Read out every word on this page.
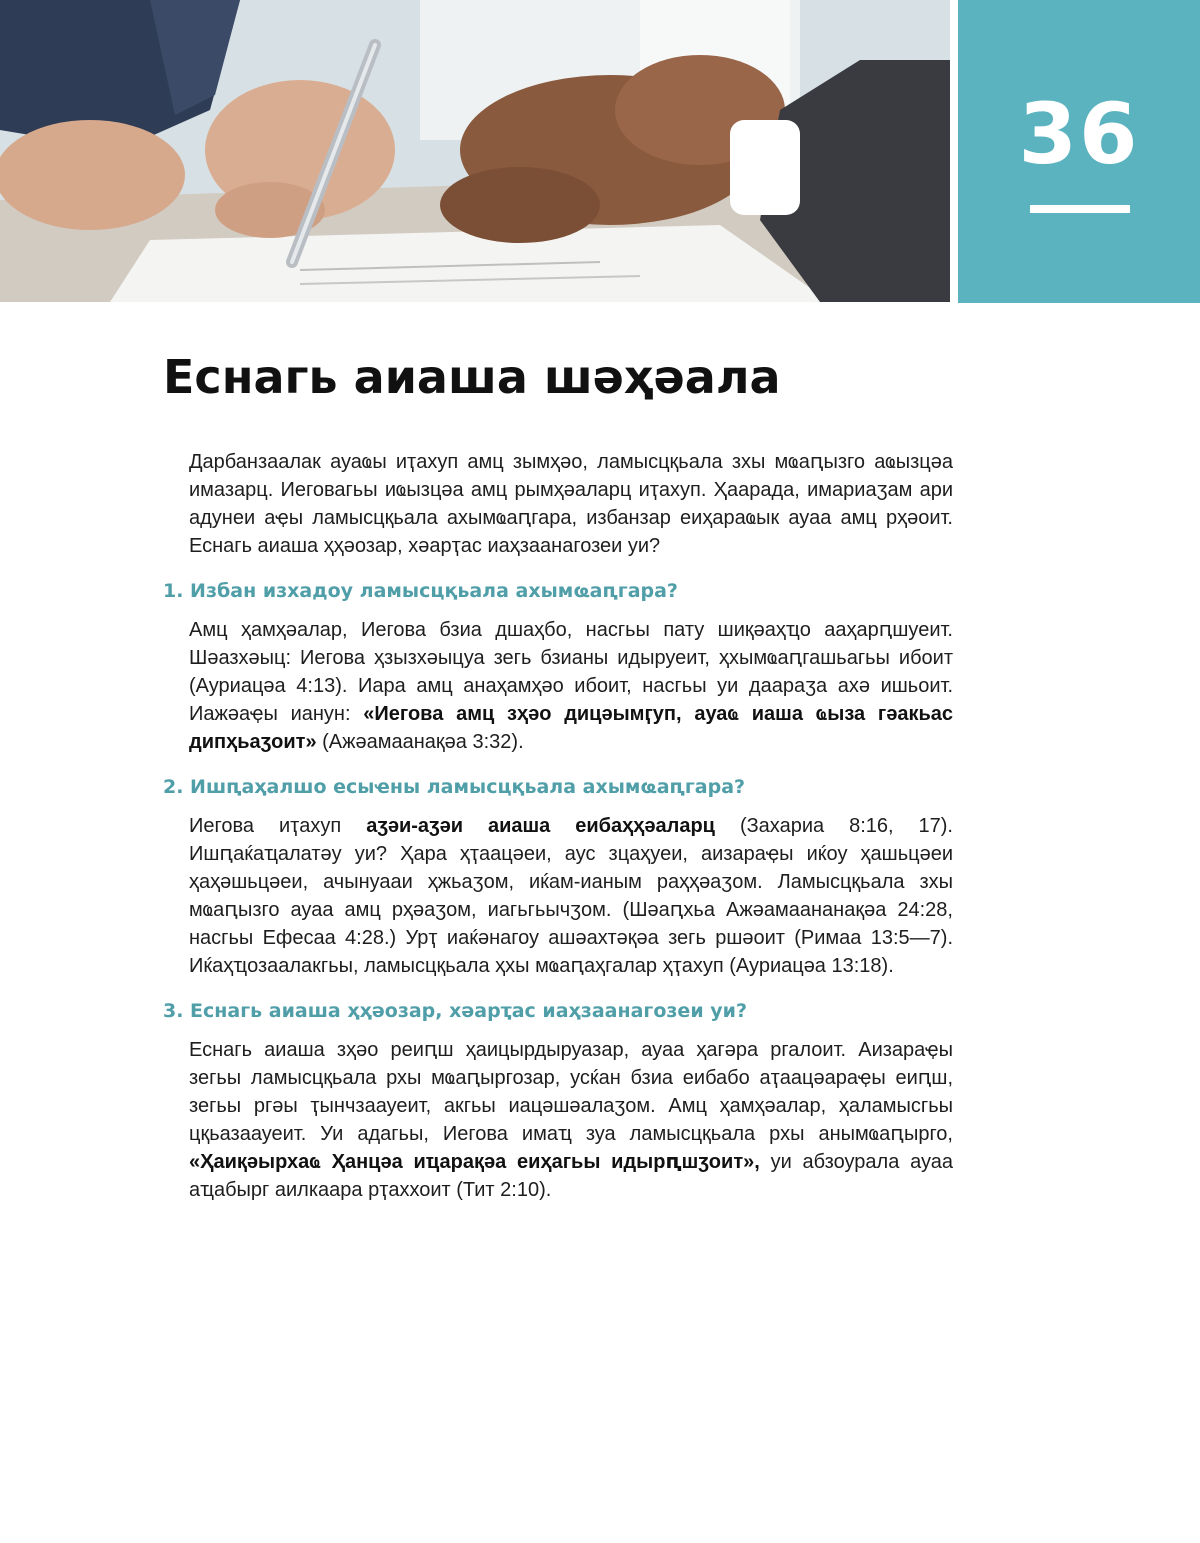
36
Еснагь аиаша шәҳәала

Дарбанзаалак ауаҩы иҭахуп амц зымҳәо, ламысцқьала зхы мҩаԥызго аҩызцәа имазарц. Иеговагьы иҩызцәа амц рымҳәаларц иҭахуп. Ҳаарада, имариаӡам ари адунеи аҿы ламысцқьала ахымҩаԥгара, избанзар еиҳараҩык ауаа амц рҳәоит. Еснагь аиаша ҳҳәозар, хәарҭас иаҳзаанагозеи уи?

1. Избан изхадоу ламысцқьала ахымҩаԥгара?

Амц ҳамҳәалар, Иегова бзиа дшаҳбо, насгьы пату шиқәаҳҵо ааҳарԥшуеит. Шәазхәыц: Иегова ҳзызхәыцуа зегь бзианы идыруеит, ҳхымҩаԥгашьагьы ибоит (Ауриацәа 4:13). Иара амц анаҳамҳәо ибоит, насгьы уи даараӡа ахә ишьоит. Иажәаҿы ианун: «Иегова амц зҳәо дицәымӷуп, ауаҩ иаша ҩыза гәакьас дипҳьаӡоит» (Ажәамаанақәа 3:32).

2. Ишԥаҳалшо есыҽны ламысцқьала ахымҩаԥгара?

Иегова иҭахуп аӡәи-аӡәи аиаша еибаҳҳәаларц (Захариа 8:16, 17). Ишԥаќаҵалатәу уи? Ҳара ҳҭаацәеи, аус зцаҳуеи, аизараҿы иќоу ҳашьцәеи ҳаҳәшьцәеи, ачынуааи ҳжьаӡом, иќам-ианым раҳҳәаӡом. Ламысцқьала зхы мҩаԥызго ауаа амц рҳәаӡом, иагьгьычӡом. (Шәаԥхьа Ажәамаананақәа 24:28, насгьы Ефесаа 4:28.) Урҭ иаќәнагоу ашәахтәқәа зегь ршәоит (Римаа 13:5—7). Иќаҳҵозаалакгьы, ламысцқьала ҳхы мҩаԥаҳгалар ҳҭахуп (Ауриацәа 13:18).

3. Еснагь аиаша ҳҳәозар, хәарҭас иаҳзаанагозеи уи?

Еснагь аиаша зҳәо реиԥш ҳаицырдыруазар, ауаа ҳагәра ргалоит. Аизараҿы зегьы ламысцқьала рхы мҩаԥыргозар, усќан бзиа еибабо аҭаацәараҿы еиԥш, зегьы ргәы ҭынчзаауеит, акгьы иацәшәалаӡом. Амц ҳамҳәалар, ҳаламысгьы цқьазаауеит. Уи адагьы, Иегова имаҵ зуа ламысцқьала рхы анымҩаԥырго, «Ҳаиқәырхаҩ Ҳанцәа иҵарақәа еиҳагьы идырԥшӡоит», уи абзоурала ауаа аҵабырг аилкаара рҭаххоит (Тит 2:10).
